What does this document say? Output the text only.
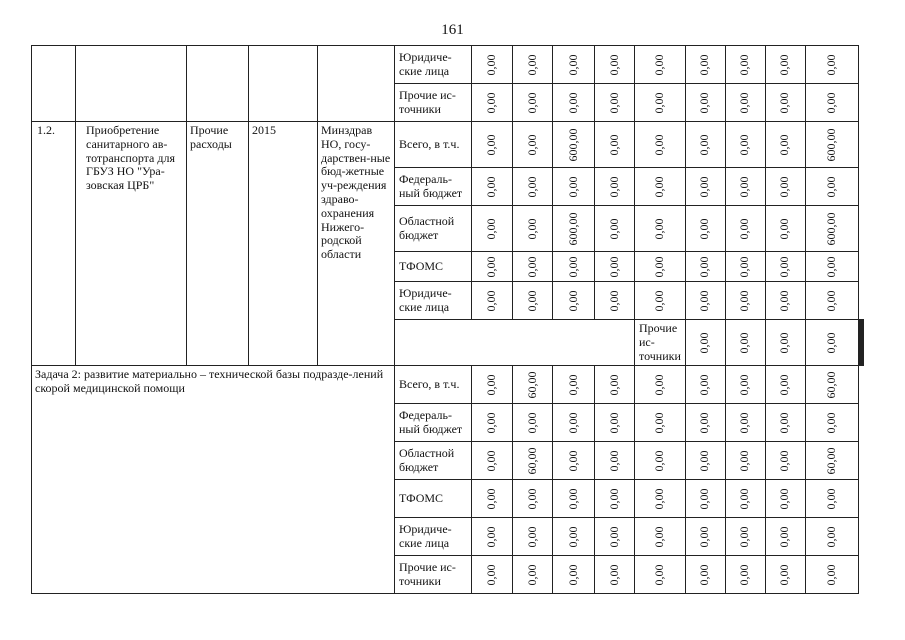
161
					Юридиче-ские лица	0,00	0,00	0,00	0,00	0,00	0,00	0,00	0,00	0,00			

					Прочие ис-точники	0,00	0,00	0,00	0,00	0,00	0,00	0,00	0,00	0,00			

1.2.	Приобретение санитарного ав-тотранспорта для ГБУЗ НО "Ура-зовская ЦРБ"	Прочие расходы	2015	Минздрав НО, госу-дарствен-ные бюд-жетные уч-реждения здраво-охранения Нижего-родской области	Всего, в т.ч.	0,00	0,00	600,00	0,00	0,00	0,00	0,00	0,00	600,00			

					Федераль-ный бюджет	0,00	0,00	0,00	0,00	0,00	0,00	0,00	0,00	0,00			

					Областной бюджет	0,00	0,00	600,00	0,00	0,00	0,00	0,00	0,00	600,00			

					ТФОМС	0,00	0,00	0,00	0,00	0,00	0,00	0,00	0,00	0,00			

					Юридиче-ские лица	0,00	0,00	0,00	0,00	0,00	0,00	0,00	0,00	0,00			

										Прочие ис-точники	0,00	0,00	0,00	0,00

Задача 2: развитие материально – технической базы подразде-лений скорой медицинской помощи					Всего, в т.ч.	0,00	60,00	0,00	0,00	0,00	0,00	0,00	0,00	60,00			

					Федераль-ный бюджет	0,00	0,00	0,00	0,00	0,00	0,00	0,00	0,00	0,00			

					Областной бюджет	0,00	60,00	0,00	0,00	0,00	0,00	0,00	0,00	60,00			

					ТФОМС	0,00	0,00	0,00	0,00	0,00	0,00	0,00	0,00	0,00			

					Юридиче-ские лица	0,00	0,00	0,00	0,00	0,00	0,00	0,00	0,00	0,00			

					Прочие ис-точники	0,00	0,00	0,00	0,00	0,00	0,00	0,00	0,00	0,00			
